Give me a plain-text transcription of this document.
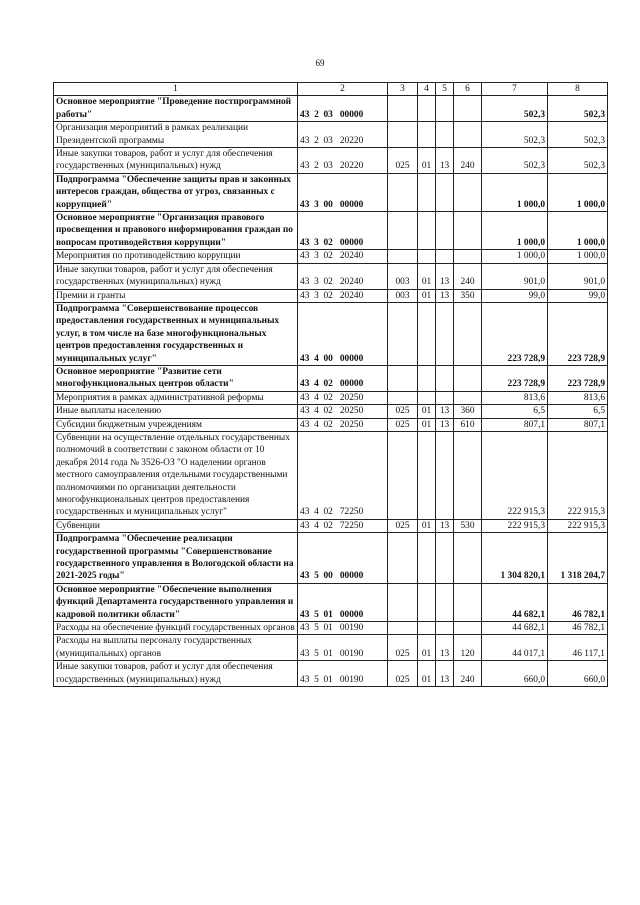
69
1	2	3	4	5	6	7	8
Основное мероприятие "Проведение постпрограммной работы"	43  2  03   00000					502,3	502,3
Организация мероприятий в рамках реализации Президентской программы	43  2  03   20220					502,3	502,3
Иные закупки товаров, работ и услуг для обеспечения государственных (муниципальных) нужд	43  2  03   20220	025	01	13	240	502,3	502,3
Подпрограмма "Обеспечение защиты прав и законных интересов граждан, общества от угроз, связанных с коррупцией"	43  3  00   00000					1 000,0	1 000,0
Основное мероприятие "Организация правового просвещения и правового информирования граждан по вопросам противодействия коррупции"	43  3  02   00000					1 000,0	1 000,0
Мероприятия по противодействию коррупции	43  3  02   20240					1 000,0	1 000,0
Иные закупки товаров, работ и услуг для обеспечения государственных (муниципальных) нужд	43  3  02   20240	003	01	13	240	901,0	901,0
Премии и гранты	43  3  02   20240	003	01	13	350	99,0	99,0
Подпрограмма "Совершенствование процессов предоставления государственных и муниципальных услуг, в том числе на базе многофункциональных центров предоставления государственных и муниципальных услуг"	43  4  00   00000					223 728,9	223 728,9
Основное мероприятие "Развитие сети многофункциональных центров области"	43  4  02   00000					223 728,9	223 728,9
Мероприятия в рамках административной реформы	43  4  02   20250					813,6	813,6
Иные выплаты населению	43  4  02   20250	025	01	13	360	6,5	6,5
Субсидии бюджетным учреждениям	43  4  02   20250	025	01	13	610	807,1	807,1
Субвенции на осуществление отдельных государственных полномочий в соответствии с законом области от 10 декабря 2014 года № 3526-ОЗ "О наделении органов местного самоуправления отдельными государственными полномочиями по организации деятельности многофункциональных центров предоставления государственных и муниципальных услуг"	43  4  02   72250					222 915,3	222 915,3
Субвенции	43  4  02   72250	025	01	13	530	222 915,3	222 915,3
Подпрограмма "Обеспечение реализации государственной программы "Совершенствование государственного управления в Вологодской области на 2021-2025 годы"	43  5  00   00000					1 304 820,1	1 318 204,7
Основное мероприятие "Обеспечение выполнения функций Департамента государственного управления и кадровой политики области"	43  5  01   00000					44 682,1	46 782,1
Расходы на обеспечение функций государственных органов	43  5  01   00190					44 682,1	46 782,1
Расходы на выплаты персоналу государственных (муниципальных) органов	43  5  01   00190	025	01	13	120	44 017,1	46 117,1
Иные закупки товаров, работ и услуг для обеспечения государственных (муниципальных) нужд	43  5  01   00190	025	01	13	240	660,0	660,0
